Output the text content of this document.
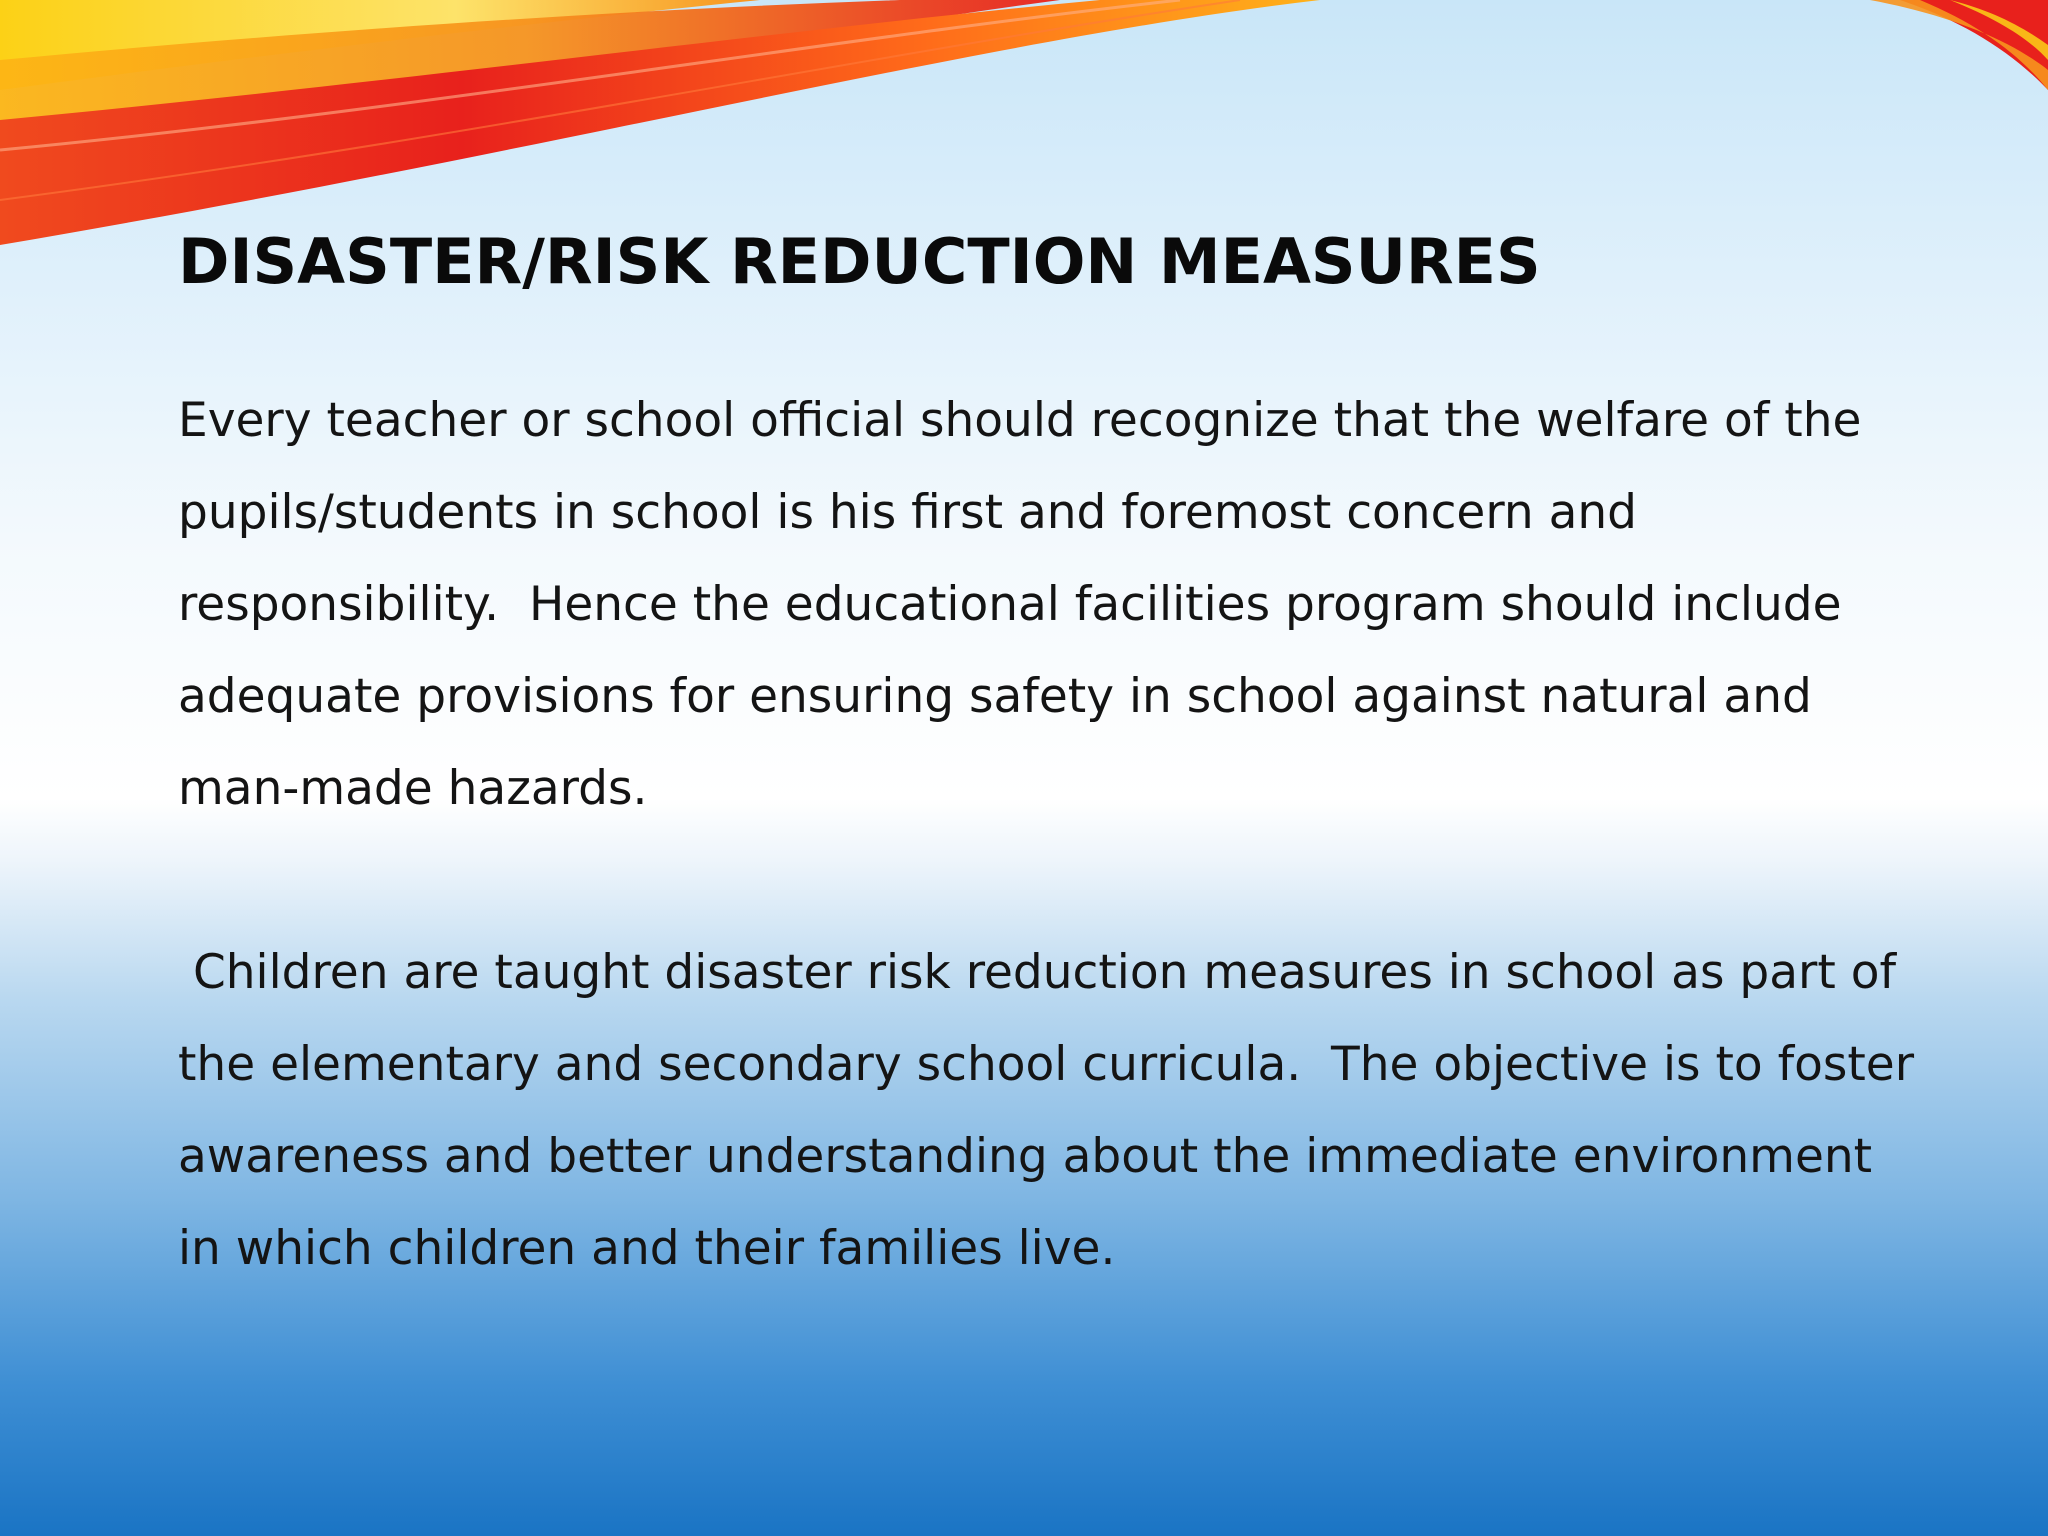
DISASTER/RISK REDUCTION MEASURES

Every teacher or school official should recognize that the welfare of the pupils/students in school is his first and foremost concern and responsibility.  Hence the educational facilities program should include adequate provisions for ensuring safety in school against natural and man-made hazards.

Children are taught disaster risk reduction measures in school as part of the elementary and secondary school curricula.  The objective is to foster awareness and better understanding about the immediate environment in which children and their families live.
